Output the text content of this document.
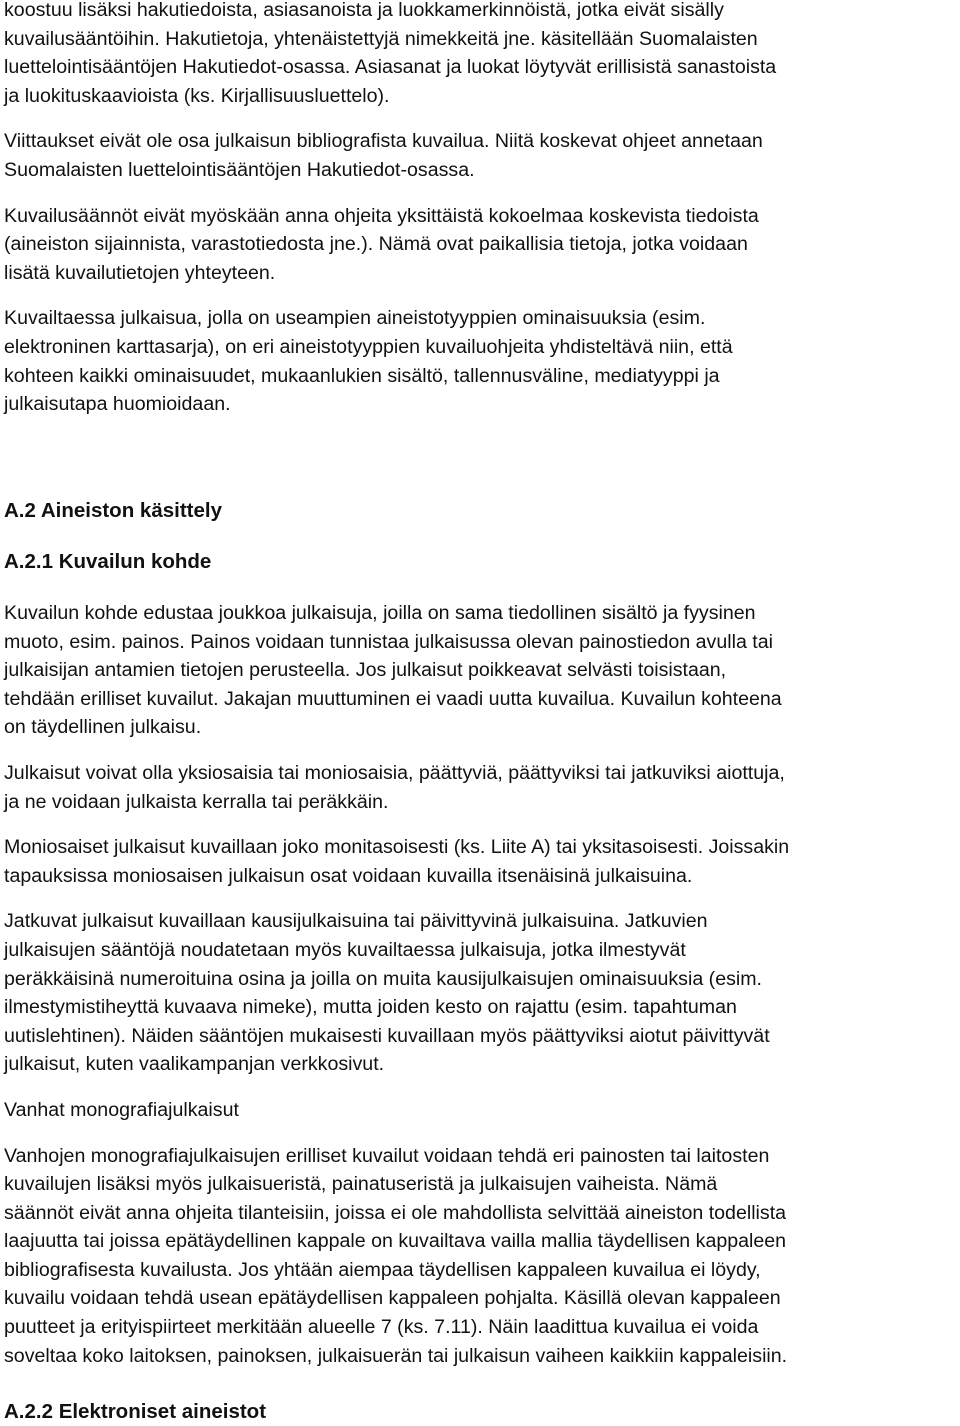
koostuu lisäksi hakutiedoista, asiasanoista ja luokkamerkinnöistä, jotka eivät sisälly
kuvailusääntöihin. Hakutietoja, yhtenäistettyjä nimekkeitä jne. käsitellään Suomalaisten
luettelointisääntöjen Hakutiedot-osassa. Asiasanat ja luokat löytyvät erillisistä sanastoista
ja luokituskaavioista (ks. Kirjallisuusluettelo).

Viittaukset eivät ole osa julkaisun bibliografista kuvailua. Niitä koskevat ohjeet annetaan
Suomalaisten luettelointisääntöjen Hakutiedot-osassa.

Kuvailusäännöt eivät myöskään anna ohjeita yksittäistä kokoelmaa koskevista tiedoista
(aineiston sijainnista, varastotiedosta jne.). Nämä ovat paikallisia tietoja, jotka voidaan
lisätä kuvailutietojen yhteyteen.

Kuvailtaessa julkaisua, jolla on useampien aineistotyyppien ominaisuuksia (esim.
elektroninen karttasarja), on eri aineistotyyppien kuvailuohjeita yhdisteltävä niin, että
kohteen kaikki ominaisuudet, mukaanlukien sisältö, tallennusväline, mediatyyppi ja
julkaisutapa huomioidaan.

A.2 Aineiston käsittely
A.2.1 Kuvailun kohde

Kuvailun kohde edustaa joukkoa julkaisuja, joilla on sama tiedollinen sisältö ja fyysinen
muoto, esim. painos. Painos voidaan tunnistaa julkaisussa olevan painostiedon avulla tai
julkaisijan antamien tietojen perusteella. Jos julkaisut poikkeavat selvästi toisistaan,
tehdään erilliset kuvailut. Jakajan muuttuminen ei vaadi uutta kuvailua. Kuvailun kohteena
on täydellinen julkaisu.

Julkaisut voivat olla yksiosaisia tai moniosaisia, päättyviä, päättyviksi tai jatkuviksi aiottuja,
ja ne voidaan julkaista kerralla tai peräkkäin.

Moniosaiset julkaisut kuvaillaan joko monitasoisesti (ks. Liite A) tai yksitasoisesti. Joissakin
tapauksissa moniosaisen julkaisun osat voidaan kuvailla itsenäisinä julkaisuina.

Jatkuvat julkaisut kuvaillaan kausijulkaisuina tai päivittyvinä julkaisuina. Jatkuvien
julkaisujen sääntöjä noudatetaan myös kuvailtaessa julkaisuja, jotka ilmestyvät
peräkkäisinä numeroituina osina ja joilla on muita kausijulkaisujen ominaisuuksia (esim.
ilmestymistiheyttä kuvaava nimeke), mutta joiden kesto on rajattu (esim. tapahtuman
uutislehtinen). Näiden sääntöjen mukaisesti kuvaillaan myös päättyviksi aiotut päivittyvät
julkaisut, kuten vaalikampanjan verkkosivut.

Vanhat monografiajulkaisut

Vanhojen monografiajulkaisujen erilliset kuvailut voidaan tehdä eri painosten tai laitosten
kuvailujen lisäksi myös julkaisueristä, painatuseristä ja julkaisujen vaiheista. Nämä
säännöt eivät anna ohjeita tilanteisiin, joissa ei ole mahdollista selvittää aineiston todellista
laajuutta tai joissa epätäydellinen kappale on kuvailtava vailla mallia täydellisen kappaleen
bibliografisesta kuvailusta. Jos yhtään aiempaa täydellisen kappaleen kuvailua ei löydy,
kuvailu voidaan tehdä usean epätäydellisen kappaleen pohjalta. Käsillä olevan kappaleen
puutteet ja erityispiirteet merkitään alueelle 7 (ks. 7.11). Näin laadittua kuvailua ei voida
soveltaa koko laitoksen, painoksen, julkaisuerän tai julkaisun vaiheen kaikkiin kappaleisiin.

A.2.2 Elektroniset aineistot
